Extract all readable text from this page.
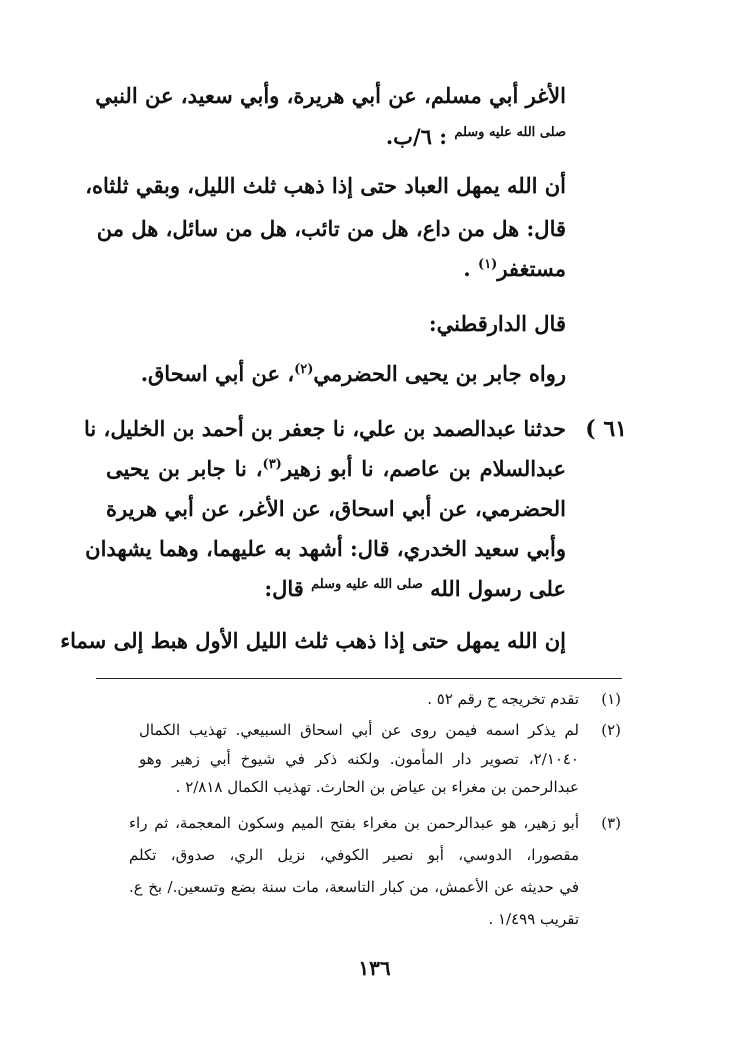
الأغر أبي مسلم، عن أبي هريرة، وأبي سعيد، عن النبي
$^{صلى الله عليه وسلم}$ : ٦/ب.
أن الله يمهل العباد حتى إذا ذهب ثلث الليل، وبقي ثلثاه،
قال: هل من داع، هل من تائب، هل من سائل، هل من
مستغفر$^{(١)}$ .
قال الدارقطني:
رواه جابر بن يحيى الحضرمي$^{(٢)}$، عن أبي اسحاق.
٦١ )
حدثنا عبدالصمد بن علي، نا جعفر بن أحمد بن الخليل، نا
عبدالسلام بن عاصم، نا أبو زهير$^{(٣)}$، نا جابر بن يحيى
الحضرمي، عن أبي اسحاق، عن الأغر، عن أبي هريرة
وأبي سعيد الخدري، قال: أشهد به عليهما، وهما يشهدان
على رسول الله $^{صلى الله عليه وسلم}$ قال:
إن الله يمهل حتى إذا ذهب ثلث الليل الأول هبط إلى سماء
(١)
تقدم تخريجه ح رقم ٥٢ .
(٢)
لم يذكر اسمه فيمن روى عن أبي اسحاق السبيعي. تهذيب الكمال
٢/١٠٤٠، تصوير دار المأمون. ولكنه ذكر في شيوخ أبي زهير وهو
عبدالرحمن بن مغراء بن عياض بن الحارث. تهذيب الكمال ٢/٨١٨ .
(٣)
أبو زهير، هو عبدالرحمن بن مغراء بفتح الميم وسكون المعجمة، ثم راء
مقصورا، الدوسي، أبو نصير الكوفي، نزيل الري، صدوق، تكلم
في حديثه عن الأعمش، من كبار التاسعة، مات سنة بضع وتسعين./ بخ ع.
تقريب ١/٤٩٩ .
١٣٦
